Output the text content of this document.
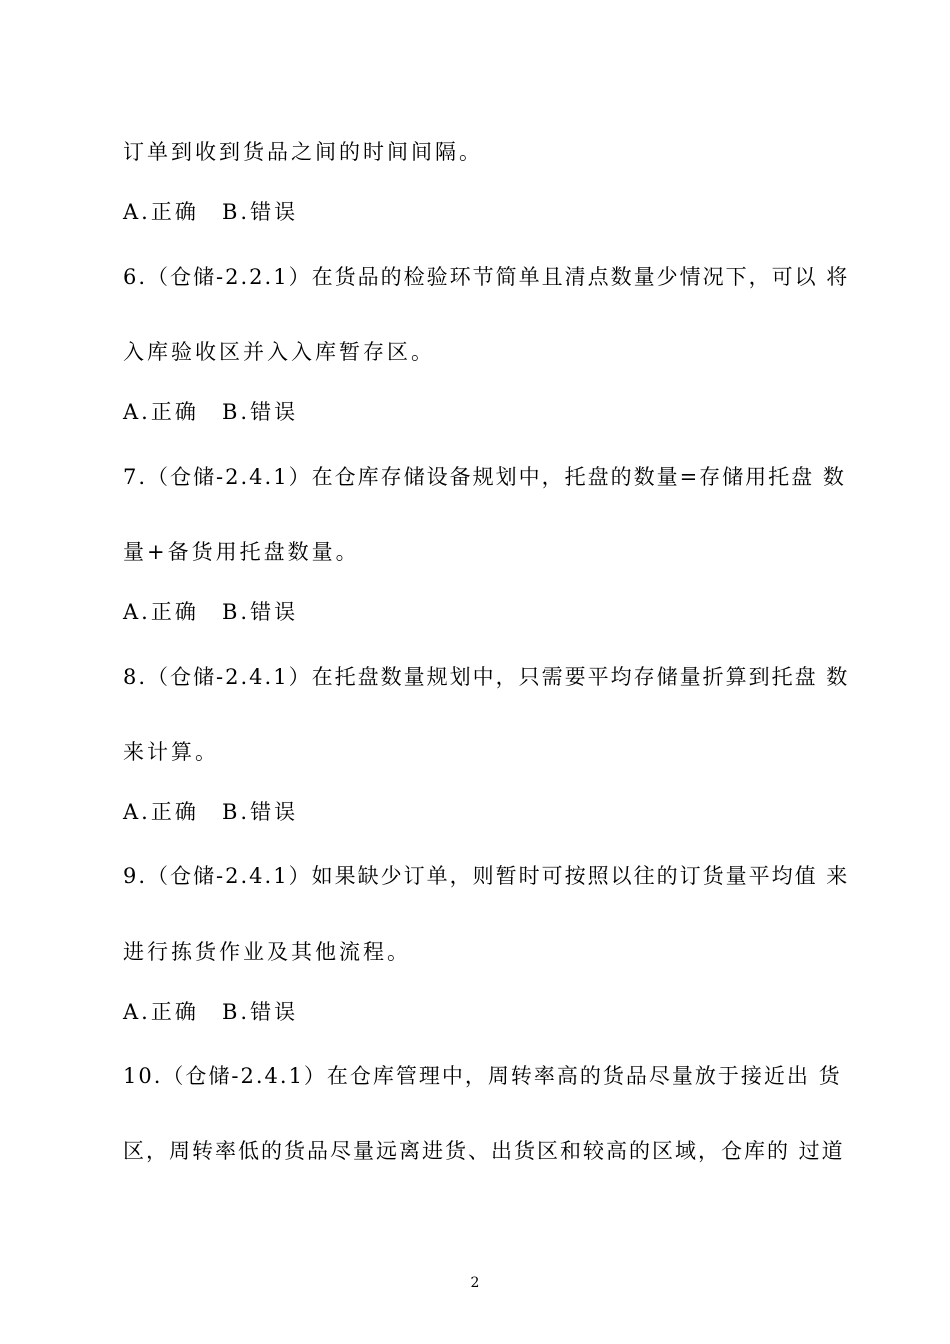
订单到收到货品之间的时间间隔。
A.正确 B.错误
6.（仓储-2.2.1）在货品的检验环节简单且清点数量少情况下，可以 将
入库验收区并入入库暂存区。
A.正确 B.错误
7.（仓储-2.4.1）在仓库存储设备规划中，托盘的数量=存储用托盘 数
量+备货用托盘数量。
A.正确 B.错误
8.（仓储-2.4.1）在托盘数量规划中，只需要平均存储量折算到托盘 数
来计算。
A.正确 B.错误
9.（仓储-2.4.1）如果缺少订单，则暂时可按照以往的订货量平均值 来
进行拣货作业及其他流程。
A.正确 B.错误
10.（仓储-2.4.1）在仓库管理中，周转率高的货品尽量放于接近出 货
区，周转率低的货品尽量远离进货、出货区和较高的区域，仓库的 过道
2
